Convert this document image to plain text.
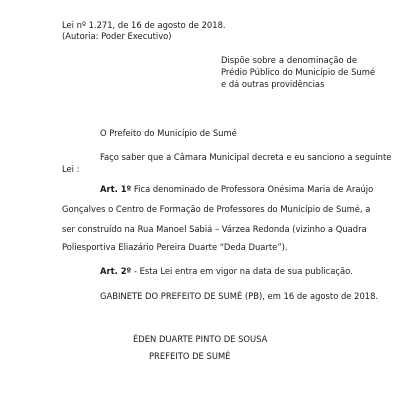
Lei nº 1.271, de 16 de agosto de 2018.
(Autoria: Poder Executivo)
Dispõe sobre a denominação de
Prédio Público do Município de Sumé
e dá outras providências
O Prefeito do Município de Sumé
Faço saber que a Câmara Municipal decreta e eu sanciono a seguinte
Lei :
Art. 1º Fica denominado de Professora Onésima Maria de Araújo
Gonçalves o Centro de Formação de Professores do Município de Sumé, a
ser construído na Rua Manoel Sabiá – Várzea Redonda (vizinho a Quadra
Poliesportiva Eliazário Pereira Duarte “Deda Duarte”).
Art. 2º - Esta Lei entra em vigor na data de sua publicação.
GABINETE DO PREFEITO DE SUMÉ (PB), em 16 de agosto de 2018.
ÉDEN DUARTE PINTO DE SOUSA
PREFEITO DE SUMÉ
